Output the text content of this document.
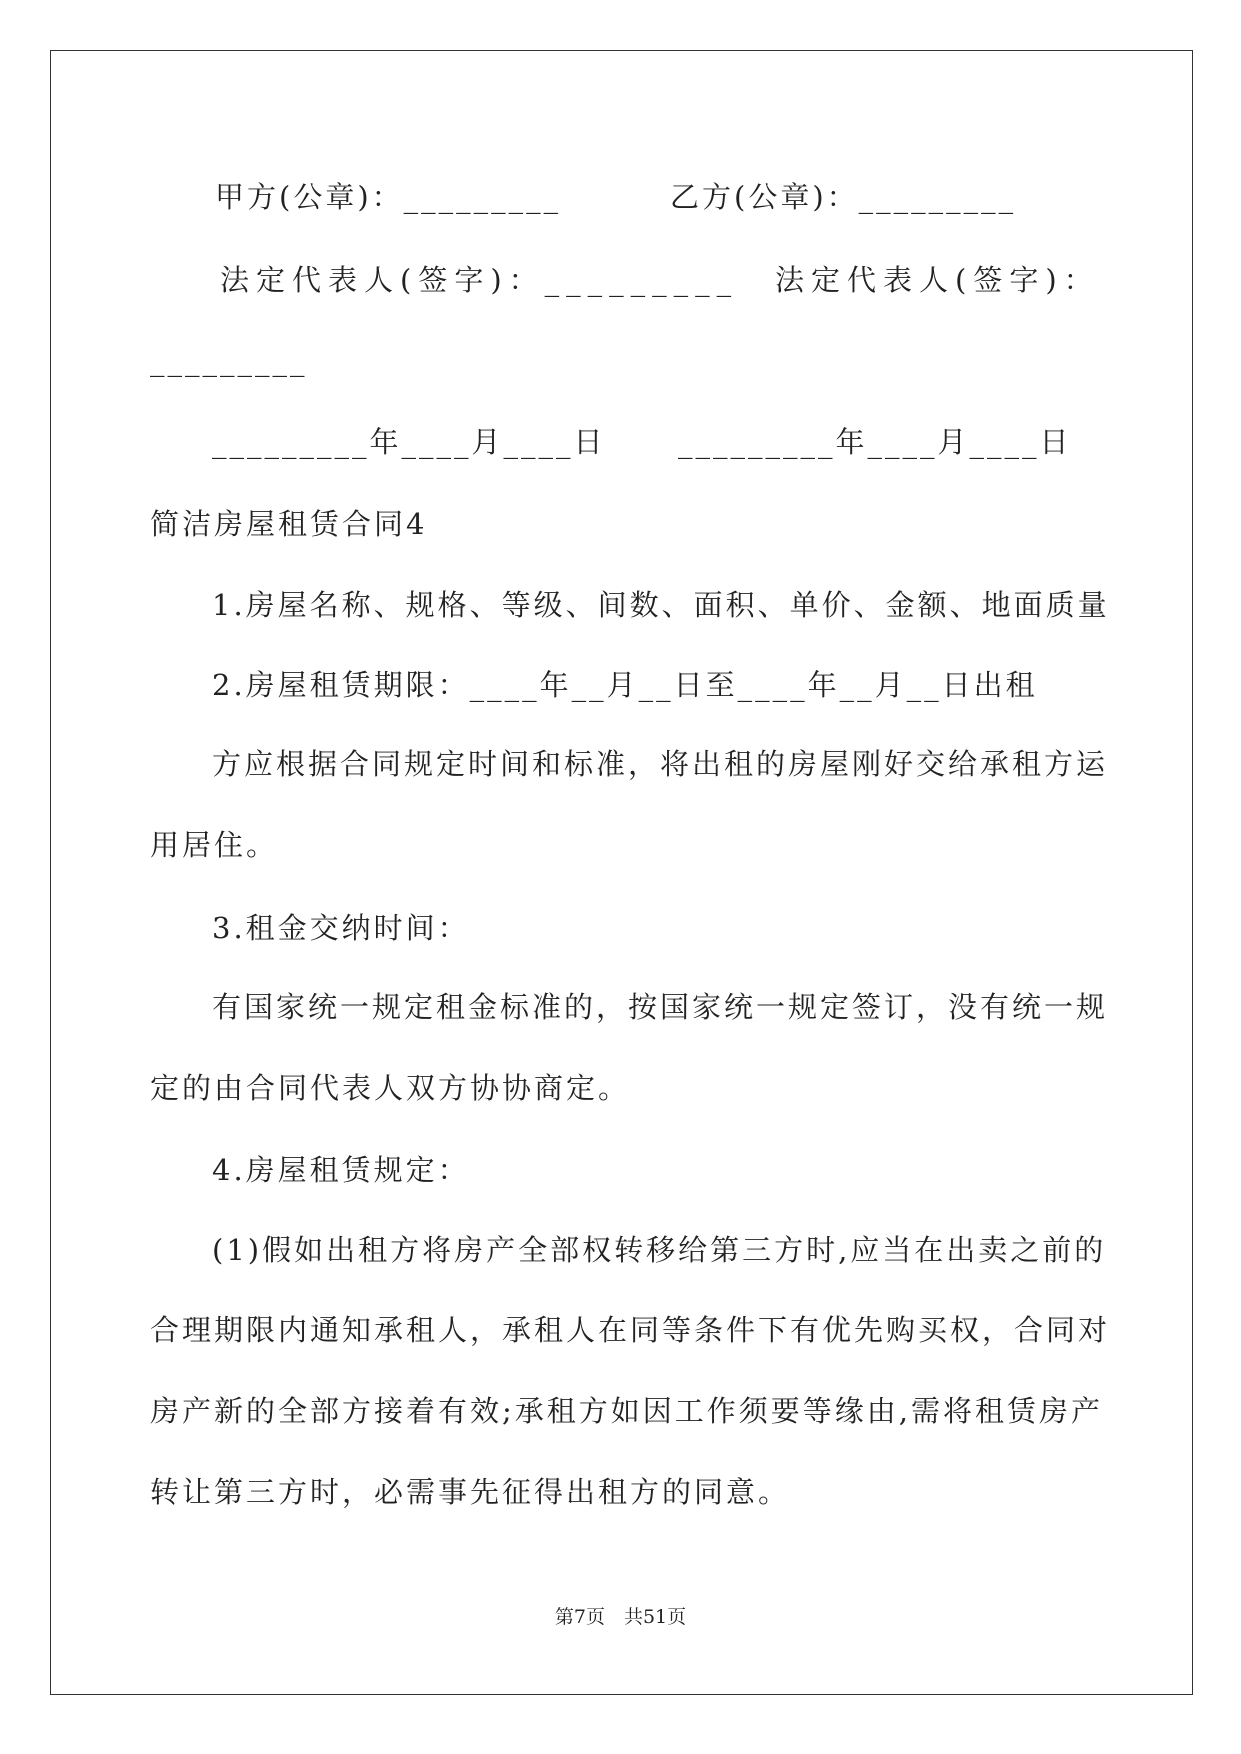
甲方(公章)：_________	乙方(公章)：_________
法定代表人(签字)：_________ 法定代表人(签字)：
_________
_________年____月____日 _________年____月____日
简洁房屋租赁合同4
1.房屋名称、规格、等级、间数、面积、单价、金额、地面质量
2.房屋租赁期限：____年__月__日至____年__月__日出租
方应根据合同规定时间和标准，将出租的房屋刚好交给承租方运
用居住。
3.租金交纳时间：
有国家统一规定租金标准的，按国家统一规定签订，没有统一规
定的由合同代表人双方协协商定。
4.房屋租赁规定：
(1)假如出租方将房产全部权转移给第三方时,应当在出卖之前的
合理期限内通知承租人，承租人在同等条件下有优先购买权，合同对
房产新的全部方接着有效;承租方如因工作须要等缘由,需将租赁房产
转让第三方时，必需事先征得出租方的同意。
第7页　共51页
